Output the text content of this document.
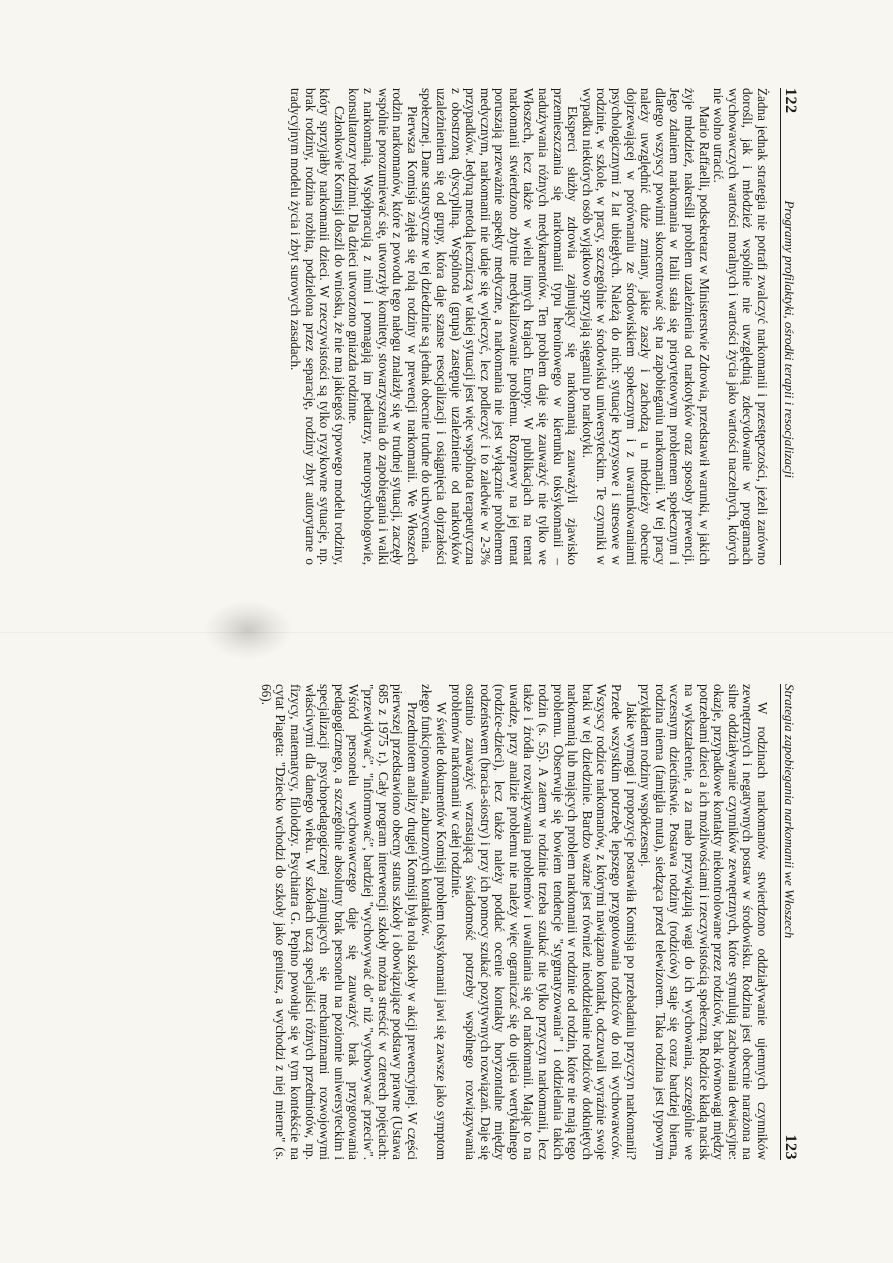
122
Programy profilaktyki, ośrodki terapii i resocjalizacji

Żadna jednak strategia nie potrafi zwalczyć narkomanii i przestępczości, jeżeli zarówno dorośli, jak i młodzież wspólnie nie uwzględnią zdecydowanie w programach wychowawczych wartości moralnych i wartości życia jako wartości naczelnych, których nie wolno utracić.

Mario Raffaelli, podsekretarz w Ministerstwie Zdrowia, przedstawił warunki, w jakich żyje młodzież, nakreślił problem uzależnienia od narkotyków oraz sposoby prewencji. Jego zdaniem narkomania w Italii stała się priorytetowym problemem społecznym i dlatego wszyscy powinni skoncentrować się na zapobieganiu narkomanii. W tej pracy należy uwzględnić duże zmiany, jakie zaszły i zachodzą u młodzieży obecnie dojrzewającej w porównaniu ze środowiskiem społecznym i z uwarunkowaniami psychologicznymi z lat ubiegłych. Należą do nich: sytuacje kryzysowe i stresowe w rodzinie, w szkole, w pracy, szczególnie w środowisku uniwersyteckim. Te czynniki w wypadku niektórych osób wyjątkowo sprzyjają sięganiu po narkotyki.

Eksperci służby zdrowia zajmujący się narkomanią zauważyli zjawisko przemieszczania się narkomanii typu heroinowego w kierunku toksykomanii – nadużywania różnych medykamentów. Ten problem daje się zauważyć nie tylko we Włoszech, lecz także w wielu innych krajach Europy. W publikacjach na temat narkomanii stwierdzono zbytnie medykalizowanie problemu. Rozprawy na jej temat poruszają przeważnie aspekty medyczne, a narkomania nie jest wyłącznie problemem medycznym, narkomanii nie udaje się wyleczyć, lecz podleczyć i to zaledwie w 2-3% przypadków. Jedyną metodą leczniczą w takiej sytuacji jest więc wspólnota terapeutyczna z obostrzoną dyscypliną. Wspólnota (grupa) zastępuje uzależnienie od narkotyków uzależnieniem się od grupy, która daje szanse resocjalizacji i osiągnięcia dojrzałości społecznej. Dane statystyczne w tej dziedzinie są jednak obecnie trudne do uchwycenia.

Pierwsza Komisja zajęła się rolą rodziny w prewencji narkomanii. We Włoszech rodzin narkomanów, które z powodu tego nałogu znalazły się w trudnej sytuacji, zaczęły wspólnie porozumiewać się, utworzyły komitety, stowarzyszenia do zapobiegania i walki z narkomanią. Współpracują z nimi i pomagają im pediatrzy, neuropsychologowie, konsultatorzy rodzinni. Dla dzieci utworzono gniazda rodzinne.

Członkowie Komisji doszli do wniosku, że nie ma jakiegoś typowego modelu rodziny, który sprzyjałby narkomanii dzieci. W rzeczywistości są tylko ryzykowne sytuacje, np. brak rodziny, rodzina rozbita, podzielona przez separację, rodziny zbyt autorytarne o tradycyjnym modelu życia i zbyt surowych zasadach.

Strategia zapobiegania narkomanii we Włoszech
123

W rodzinach narkomanów stwierdzono oddziaływanie ujemnych czynników zewnętrznych i negatywnych postaw w środowisku. Rodzina jest obecnie narażona na silne oddziaływanie czynników zewnętrznych, które stymulują zachowania dewiacyjne: okazje, przypadkowe kontakty niekontrolowane przez rodziców, brak równowagi między potrzebami dzieci a ich możliwościami i rzeczywistością społeczną. Rodzice kładą nacisk na wykształcenie, a za mało przywiązują wagi do ich wychowania, szczególnie we wczesnym dzieciństwie. Postawa rodziny (rodziców) staje się coraz bardziej bierna, rodzina niema (famiglia muta), siedząca przed telewizorem. Taka rodzina jest typowym przykładem rodziny współczesnej.

Jakie wymogi i propozycje postawiła Komisja po przebadaniu przyczyn narkomanii? Przede wszystkim potrzebę lepszego przygotowania rodziców do roli wychowawców. Wszyscy rodzice narkomanów, z którymi nawiązano kontakt, odczuwali wyraźnie swoje braki w tej dziedzinie. Bardzo ważne jest również nieoddzielanie rodziców dotkniętych narkomanią lub mających problem narkomanii w rodzinie od rodzin, które nie mają tego problemu. Obserwuje się bowiem tendencje "stygmatyzowania" i oddzielania takich rodzin (s. 55). A zatem w rodzinie trzeba szukać nie tylko przyczyn narkomanii, lecz także i źródła rozwiązywania problemów i uwalniania się od narkomanii. Mając to na uwadze, przy analizie problemu nie należy więc ograniczać się do ujęcia wertykalnego (rodzice-dzieci), lecz także należy poddać ocenie kontakty horyzontalne między rodzeństwem (bracia-siostry) i przy ich pomocy szukać pozytywnych rozwiązań. Daje się ostatnio zauważyć wzrastającą świadomość potrzeby wspólnego rozwiązywania problemów narkomanii w całej rodzinie.

W świetle dokumentów Komisji problem toksykomanii jawi się zawsze jako symptom złego funkcjonowania, zaburzonych kontaktów.

Przedmiotem analizy drugiej Komisji była rola szkoły w akcji prewencyjnej. W części pierwszej przedstawiono obecny status szkoły i obowiązujące podstawy prawne (Ustawa 685 z 1975 r.). Cały program interwencji szkoły można streścić w czterech pojęciach: "przewidywać", "informować", bardziej "wychowywać do" niż "wychowywać przeciw". Wśród personelu wychowawczego daje się zauważyć brak przygotowania pedagogicznego, a szczególnie absolutny brak personelu na poziomie uniwersyteckim i specjalizacji psychopedagogicznej zajmujących się mechanizmami rozwojowymi właściwymi dla danego wieku. W szkołach uczą specjaliści różnych przedmiotów, np. fizycy, matematycy, filolodzy. Psychiatra G. Pepino powołuje się w tym kontekście na cytat Piageta: "Dziecko wchodzi do szkoły jako geniusz, a wychodzi z niej mierne" (s. 66).
